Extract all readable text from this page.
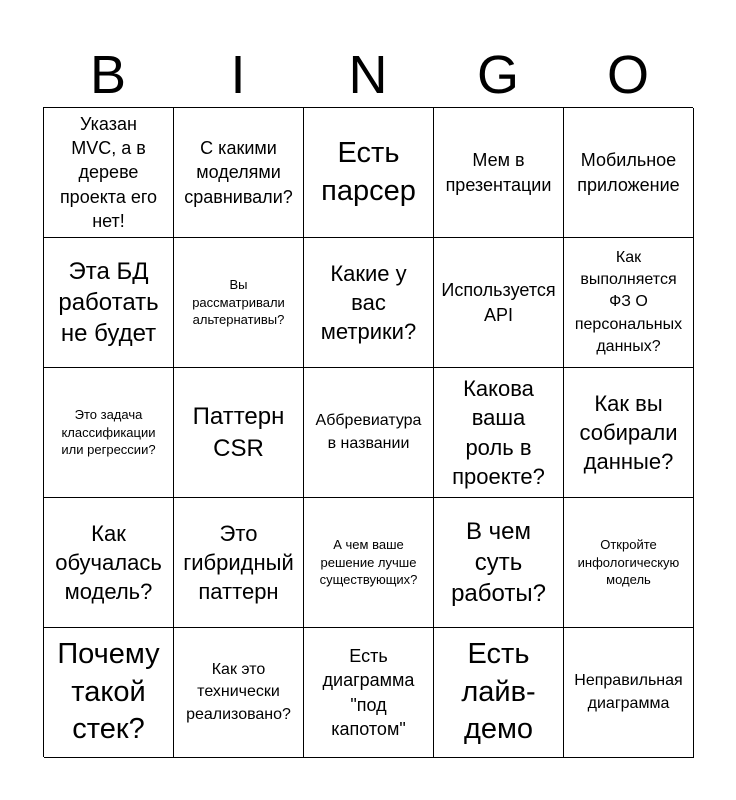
B	I	N	G	O
Указан
MVC, а в
дереве
проекта его
нет!
С какими
моделями
сравнивали?
Есть
парсер
Мем в
презентации
Мобильное
приложение
Эта БД
работать
не будет
Вы
рассматривали
альтернативы?
Какие у
вас
метрики?
Используется
API
Как
выполняется
ФЗ О
персональных
данных?
Это задача
классификации
или регрессии?
Паттерн
CSR
Аббревиатура
в названии
Какова
ваша
роль в
проекте?
Как вы
собирали
данные?
Как
обучалась
модель?
Это
гибридный
паттерн
А чем ваше
решение лучше
существующих?
В чем
суть
работы?
Откройте
инфологическую
модель
Почему
такой
стек?
Как это
технически
реализовано?
Есть
диаграмма
"под
капотом"
Есть
лайв-
демо
Неправильная
диаграмма
